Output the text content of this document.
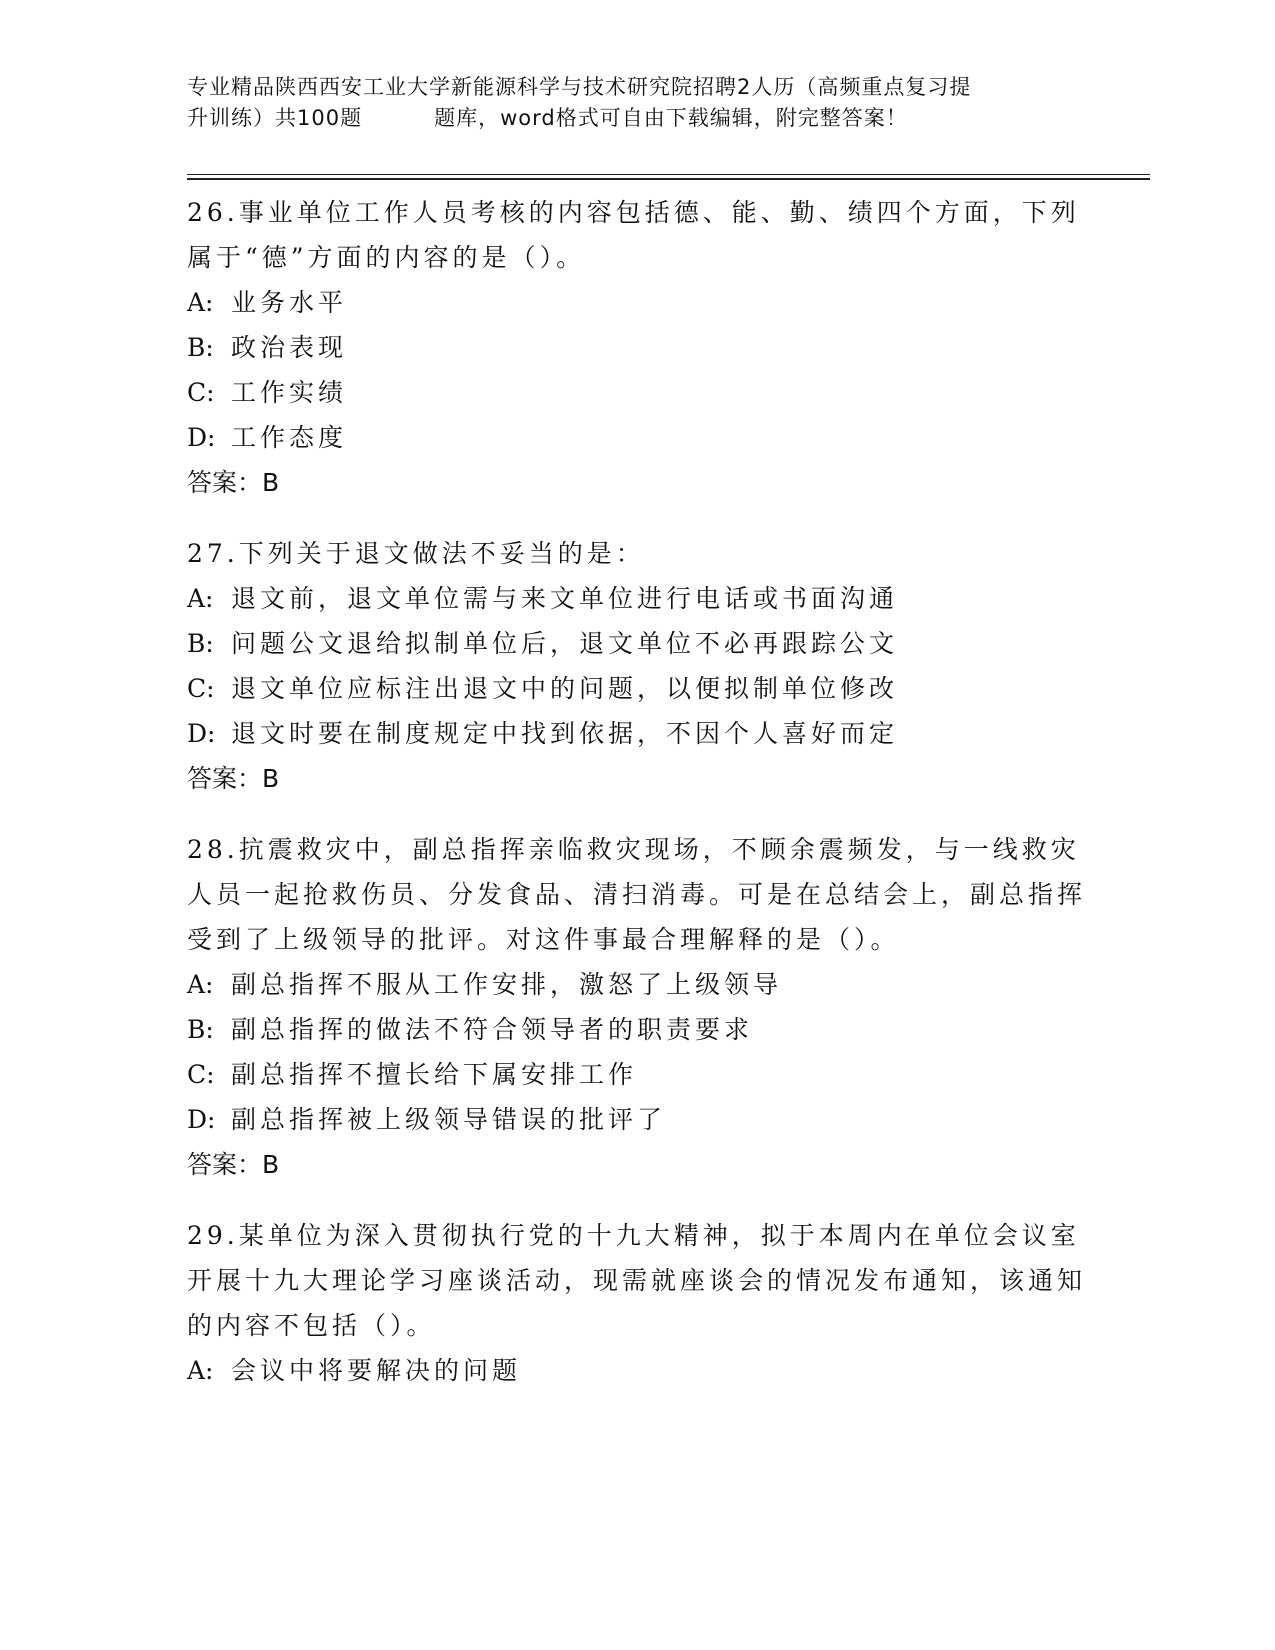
专业精品陕西西安工业大学新能源科学与技术研究院招聘2人历（高频重点复习提
升训练）共100题	题库，word格式可自由下载编辑，附完整答案！

26.事业单位工作人员考核的内容包括德、能、勤、绩四个方面，下列属于“德”方面的内容的是（）。

A: 业务水平

B: 政治表现

C: 工作实绩

D: 工作态度

答案：B

27.下列关于退文做法不妥当的是：

A: 退文前，退文单位需与来文单位进行电话或书面沟通

B: 问题公文退给拟制单位后，退文单位不必再跟踪公文

C: 退文单位应标注出退文中的问题，以便拟制单位修改

D: 退文时要在制度规定中找到依据，不因个人喜好而定

答案：B

28.抗震救灾中，副总指挥亲临救灾现场，不顾余震频发，与一线救灾人员一起抢救伤员、分发食品、清扫消毒。可是在总结会上，副总指挥受到了上级领导的批评。对这件事最合理解释的是（）。

A: 副总指挥不服从工作安排，激怒了上级领导

B: 副总指挥的做法不符合领导者的职责要求

C: 副总指挥不擅长给下属安排工作

D: 副总指挥被上级领导错误的批评了

答案：B

29.某单位为深入贯彻执行党的十九大精神，拟于本周内在单位会议室开展十九大理论学习座谈活动，现需就座谈会的情况发布通知，该通知的内容不包括（）。

A: 会议中将要解决的问题
